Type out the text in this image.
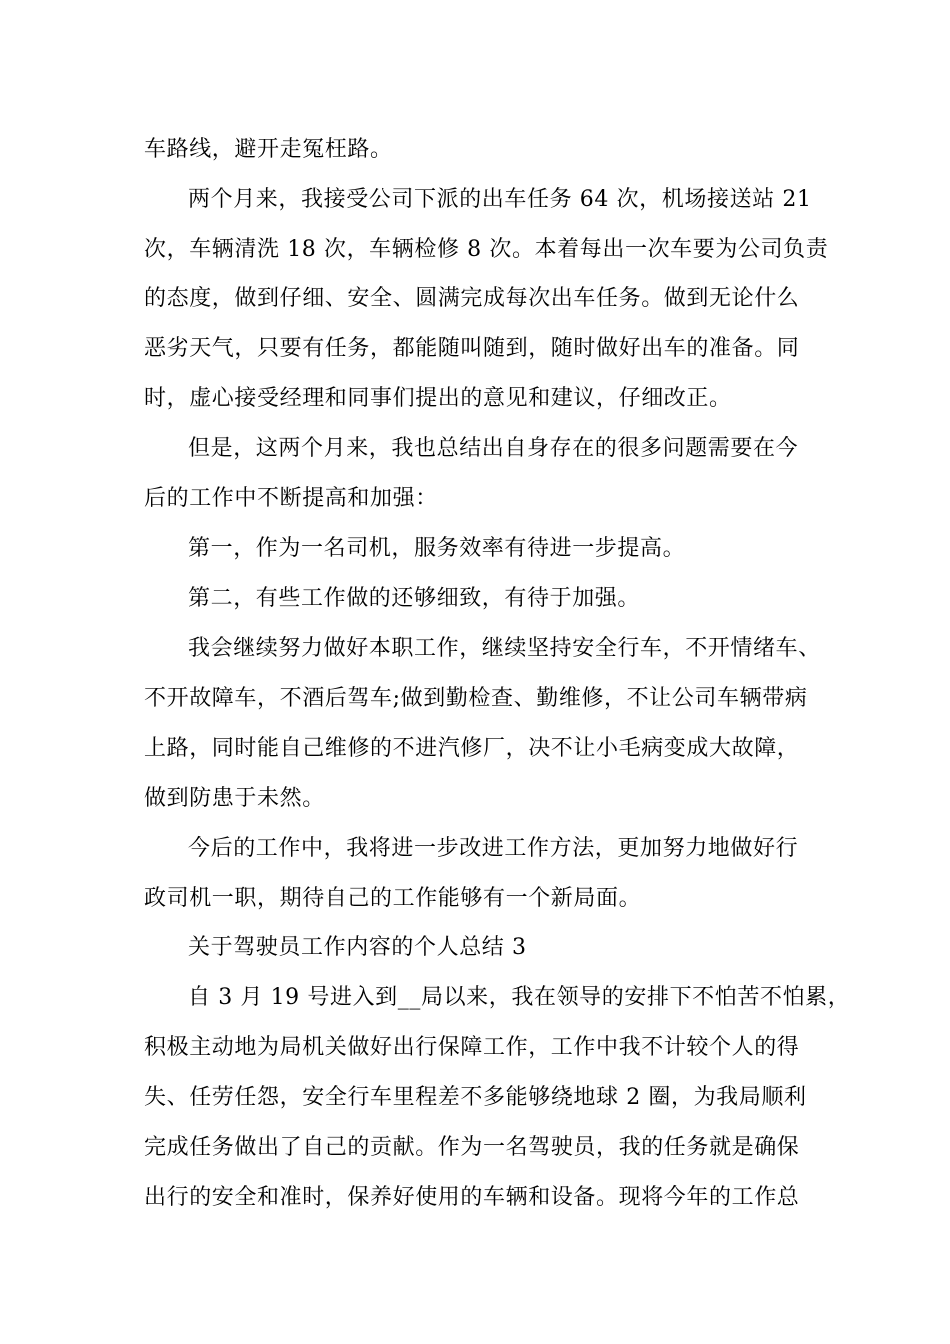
车路线，避开走冤枉路。
两个月来，我接受公司下派的出车任务 64 次，机场接送站 21
次，车辆清洗 18 次，车辆检修 8 次。本着每出一次车要为公司负责
的态度，做到仔细、安全、圆满完成每次出车任务。做到无论什么
恶劣天气，只要有任务，都能随叫随到，随时做好出车的准备。同
时，虚心接受经理和同事们提出的意见和建议，仔细改正。
但是，这两个月来，我也总结出自身存在的很多问题需要在今
后的工作中不断提高和加强：
第一，作为一名司机，服务效率有待进一步提高。
第二，有些工作做的还够细致，有待于加强。
我会继续努力做好本职工作，继续坚持安全行车，不开情绪车、
不开故障车，不酒后驾车;做到勤检查、勤维修，不让公司车辆带病
上路，同时能自己维修的不进汽修厂，决不让小毛病变成大故障，
做到防患于未然。
今后的工作中，我将进一步改进工作方法，更加努力地做好行
政司机一职，期待自己的工作能够有一个新局面。
关于驾驶员工作内容的个人总结 3
自 3 月 19 号进入到__局以来，我在领导的安排下不怕苦不怕累，
积极主动地为局机关做好出行保障工作，工作中我不计较个人的得
失、任劳任怨，安全行车里程差不多能够绕地球 2 圈，为我局顺利
完成任务做出了自己的贡献。作为一名驾驶员，我的任务就是确保
出行的安全和准时，保养好使用的车辆和设备。现将今年的工作总
